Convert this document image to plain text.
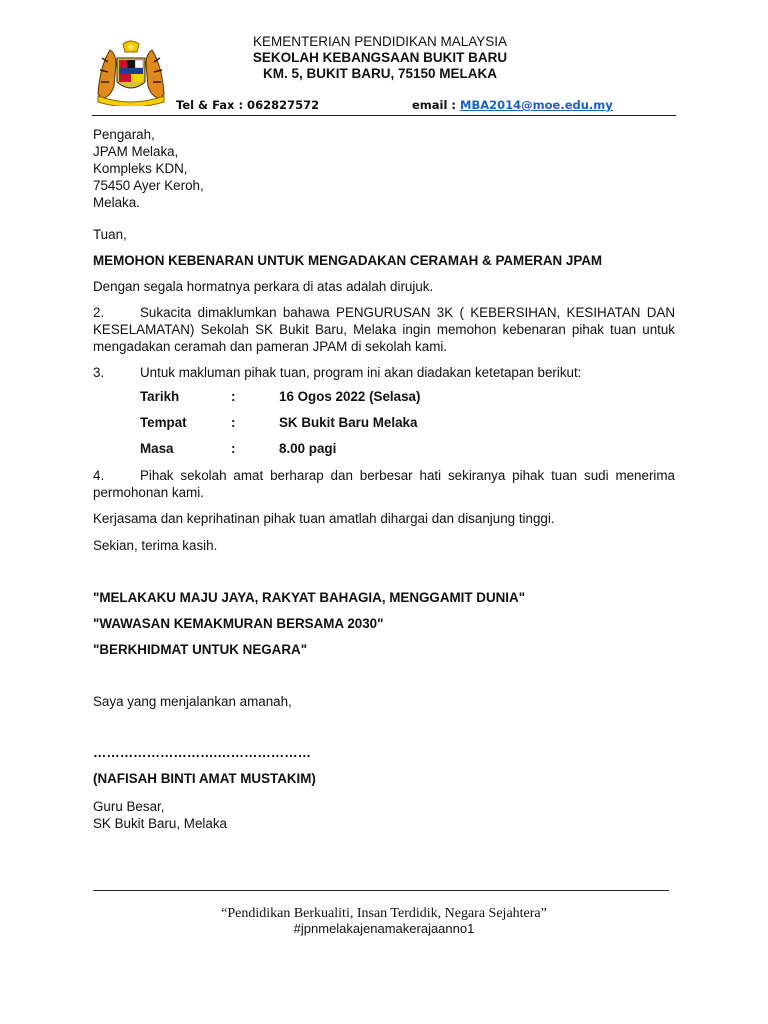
KEMENTERIAN PENDIDIKAN MALAYSIA
SEKOLAH KEBANGSAAN BUKIT BARU
KM. 5, BUKIT BARU, 75150 MELAKA
Tel & Fax : 062827572	email : MBA2014@moe.edu.my
Pengarah,
JPAM Melaka,
Kompleks KDN,
75450 Ayer Keroh,
Melaka.
Tuan,
MEMOHON KEBENARAN UNTUK MENGADAKAN CERAMAH & PAMERAN JPAM
Dengan segala hormatnya perkara di atas adalah dirujuk.
2.	Sukacita dimaklumkan bahawa PENGURUSAN 3K ( KEBERSIHAN, KESIHATAN DAN KESELAMATAN) Sekolah SK Bukit Baru, Melaka ingin memohon kebenaran pihak tuan untuk mengadakan ceramah dan pameran JPAM di sekolah kami.
3.	Untuk makluman pihak tuan, program ini akan diadakan ketetapan berikut:
Tarikh	:	16 Ogos 2022 (Selasa)
Tempat	:	SK Bukit Baru Melaka
Masa	:	8.00 pagi
4.	Pihak sekolah amat berharap dan berbesar hati sekiranya pihak tuan sudi menerima permohonan kami.
Kerjasama dan keprihatinan pihak tuan amatlah dihargai dan disanjung tinggi.
Sekian, terima kasih.
"MELAKAKU MAJU JAYA, RAKYAT BAHAGIA, MENGGAMIT DUNIA"
"WAWASAN KEMAKMURAN BERSAMA 2030"
"BERKHIDMAT UNTUK NEGARA"
Saya yang menjalankan amanah,
……………………….…………………
(NAFISAH BINTI AMAT MUSTAKIM)
Guru Besar,
SK Bukit Baru, Melaka
“Pendidikan Berkualiti, Insan Terdidik, Negara Sejahtera”
#jpnmelakajenamakerajaanno1
